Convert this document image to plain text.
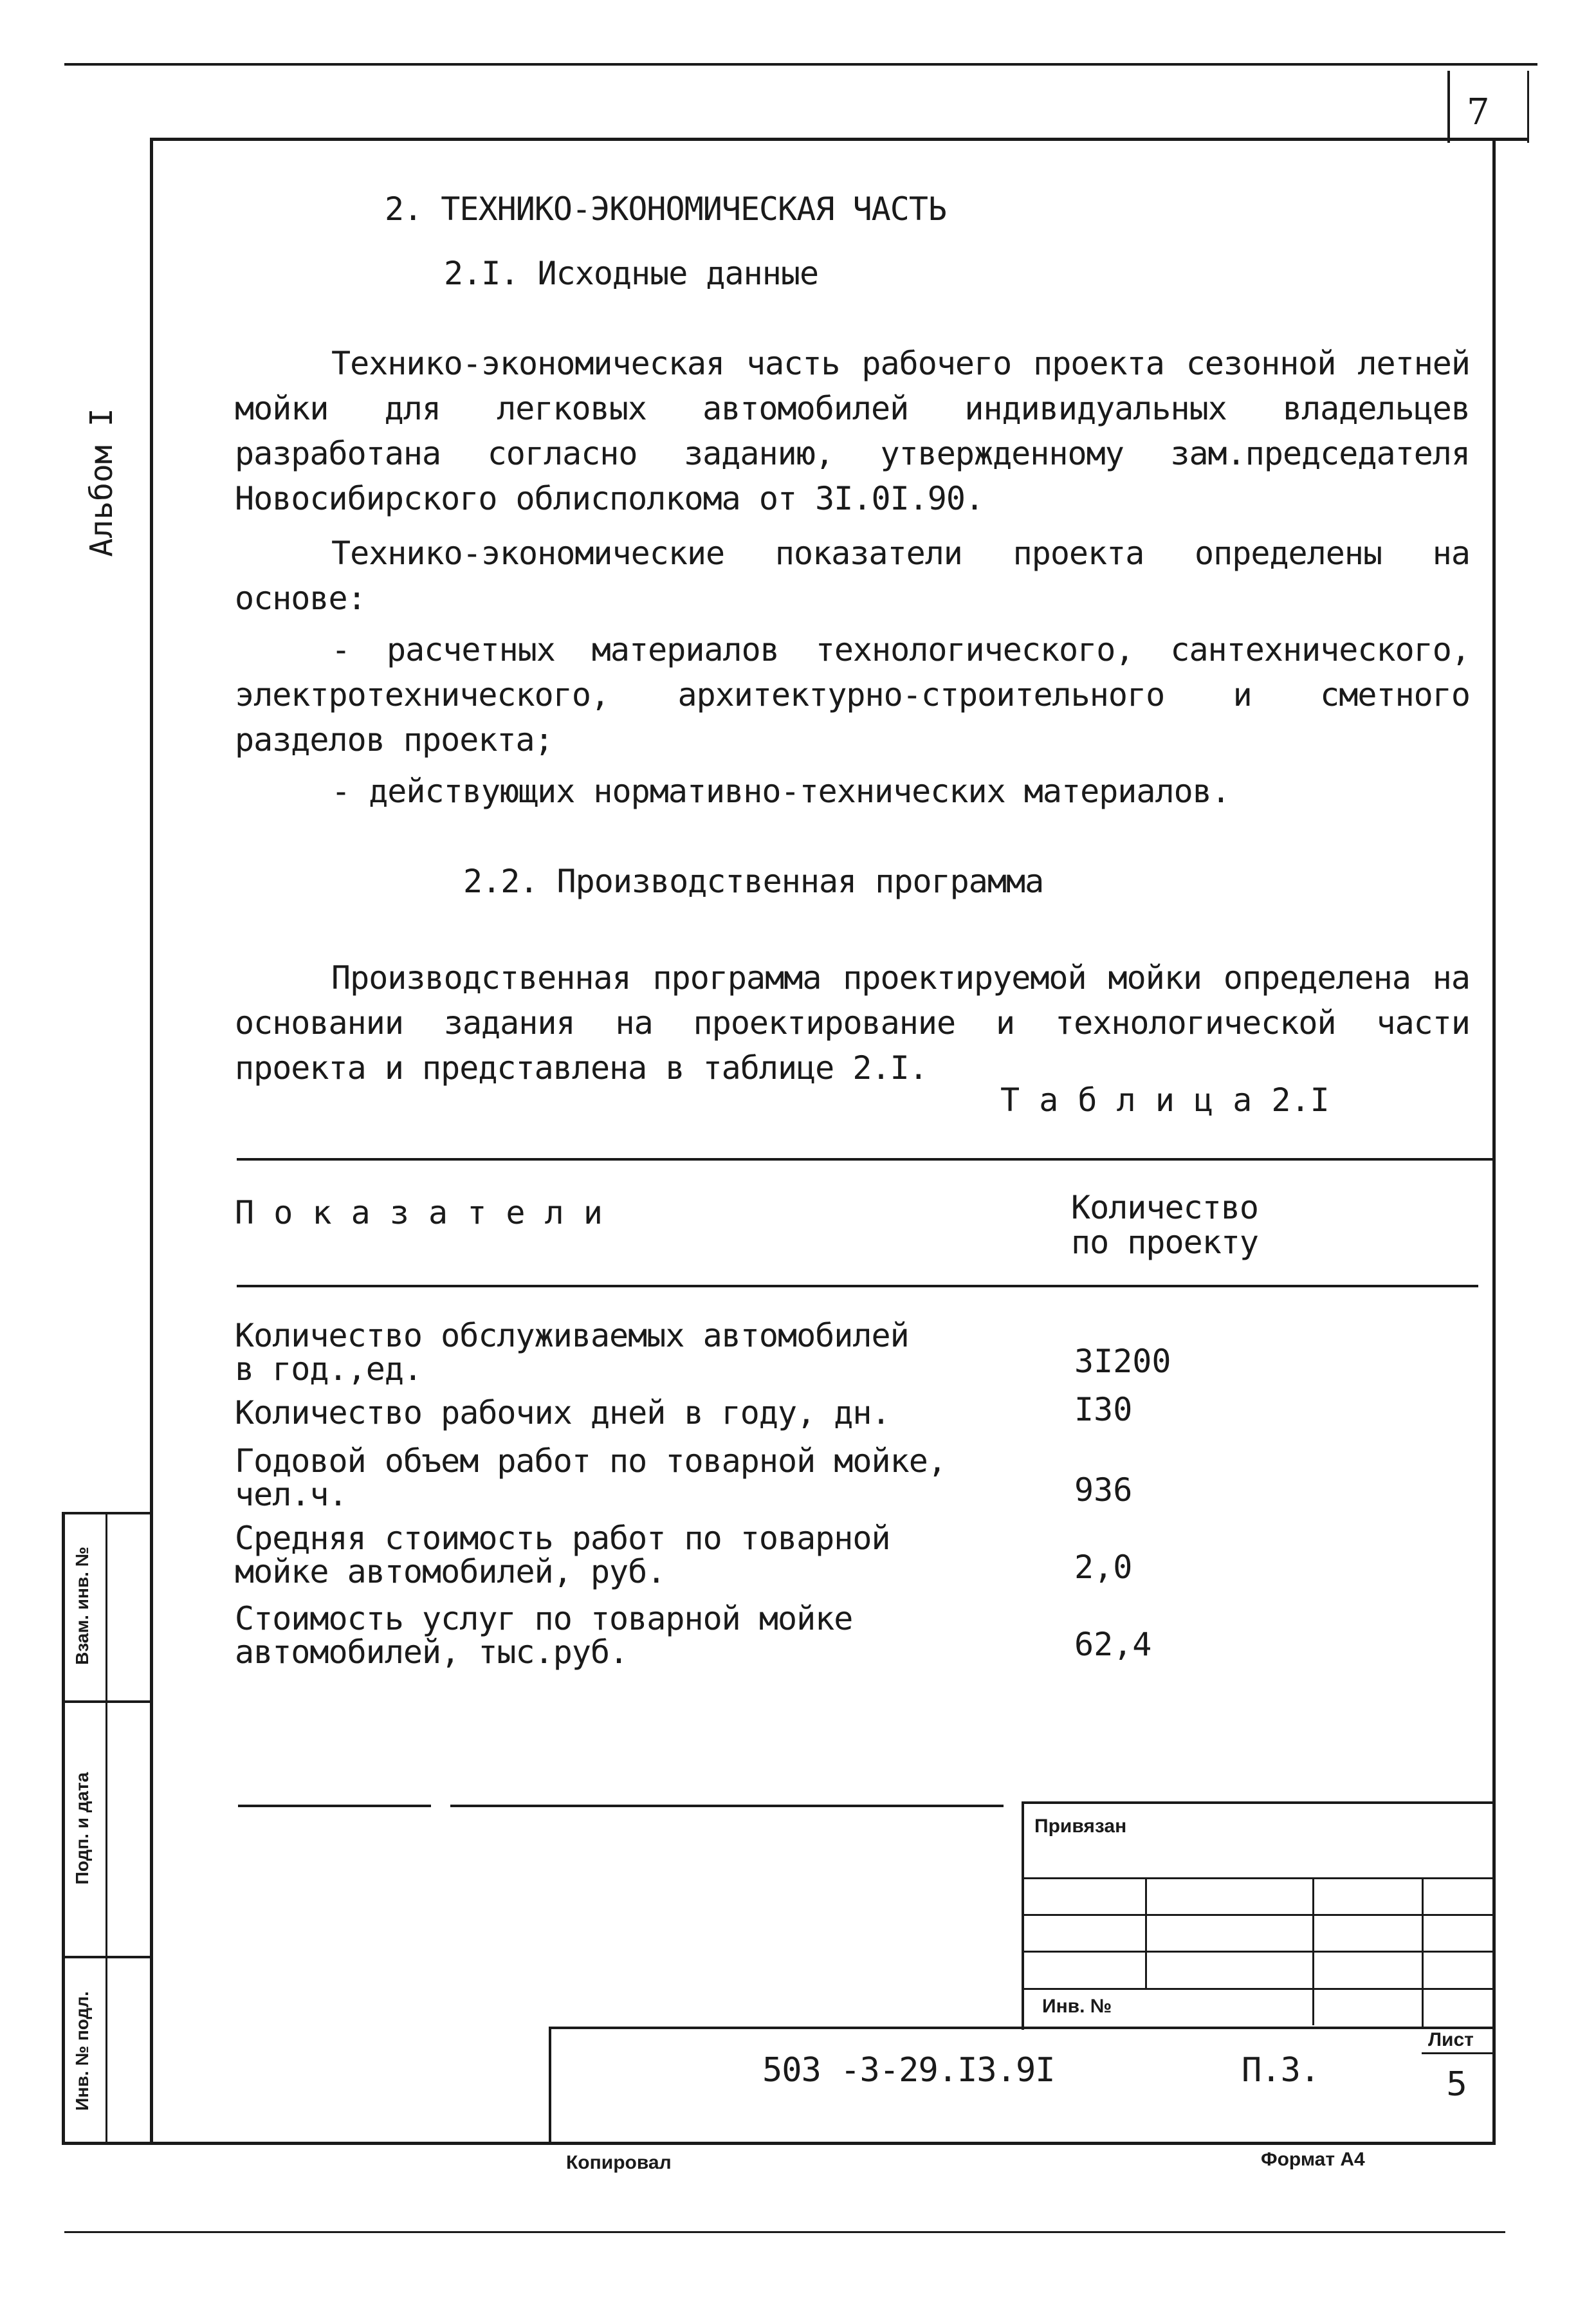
7
Альбом I
Взам. инв. №
Подп. и дата
Инв. № подл.
2. ТЕХНИКО-ЭКОНОМИЧЕСКАЯ ЧАСТЬ
2.I. Исходные данные
Технико-экономическая часть рабочего проекта сезонной летней мойки для легковых автомобилей индивидуальных владельцев разработана согласно заданию, утвержденному зам.председателя Новосибирского облисполкома от 3I.0I.90.
Технико-экономические показатели проекта определены на основе:
- расчетных материалов технологического, сантехнического, электротехнического, архитектурно-строительного и сметного разделов проекта;
- действующих нормативно-технических материалов.
2.2. Производственная программа
Производственная программа проектируемой мойки определена на основании задания на проектирование и технологической части проекта и представлена в таблице 2.I.
Т а б л и ц а 2.I
П о к а з а т е л и	Количество
по проекту
Количество обслуживаемых автомобилей
в год.,ед.	3I200
Количество рабочих дней в году, дн.	I30
Годовой объем работ по товарной мойке,
чел.ч.	936
Средняя стоимость работ по товарной
мойке автомобилей, руб.	2,0
Стоимость услуг по товарной мойке
автомобилей, тыс.руб.	62,4
Привязан
Инв. №
503 -3-29.I3.9I	П.3.
Лист
5
Копировал	Формат А4
